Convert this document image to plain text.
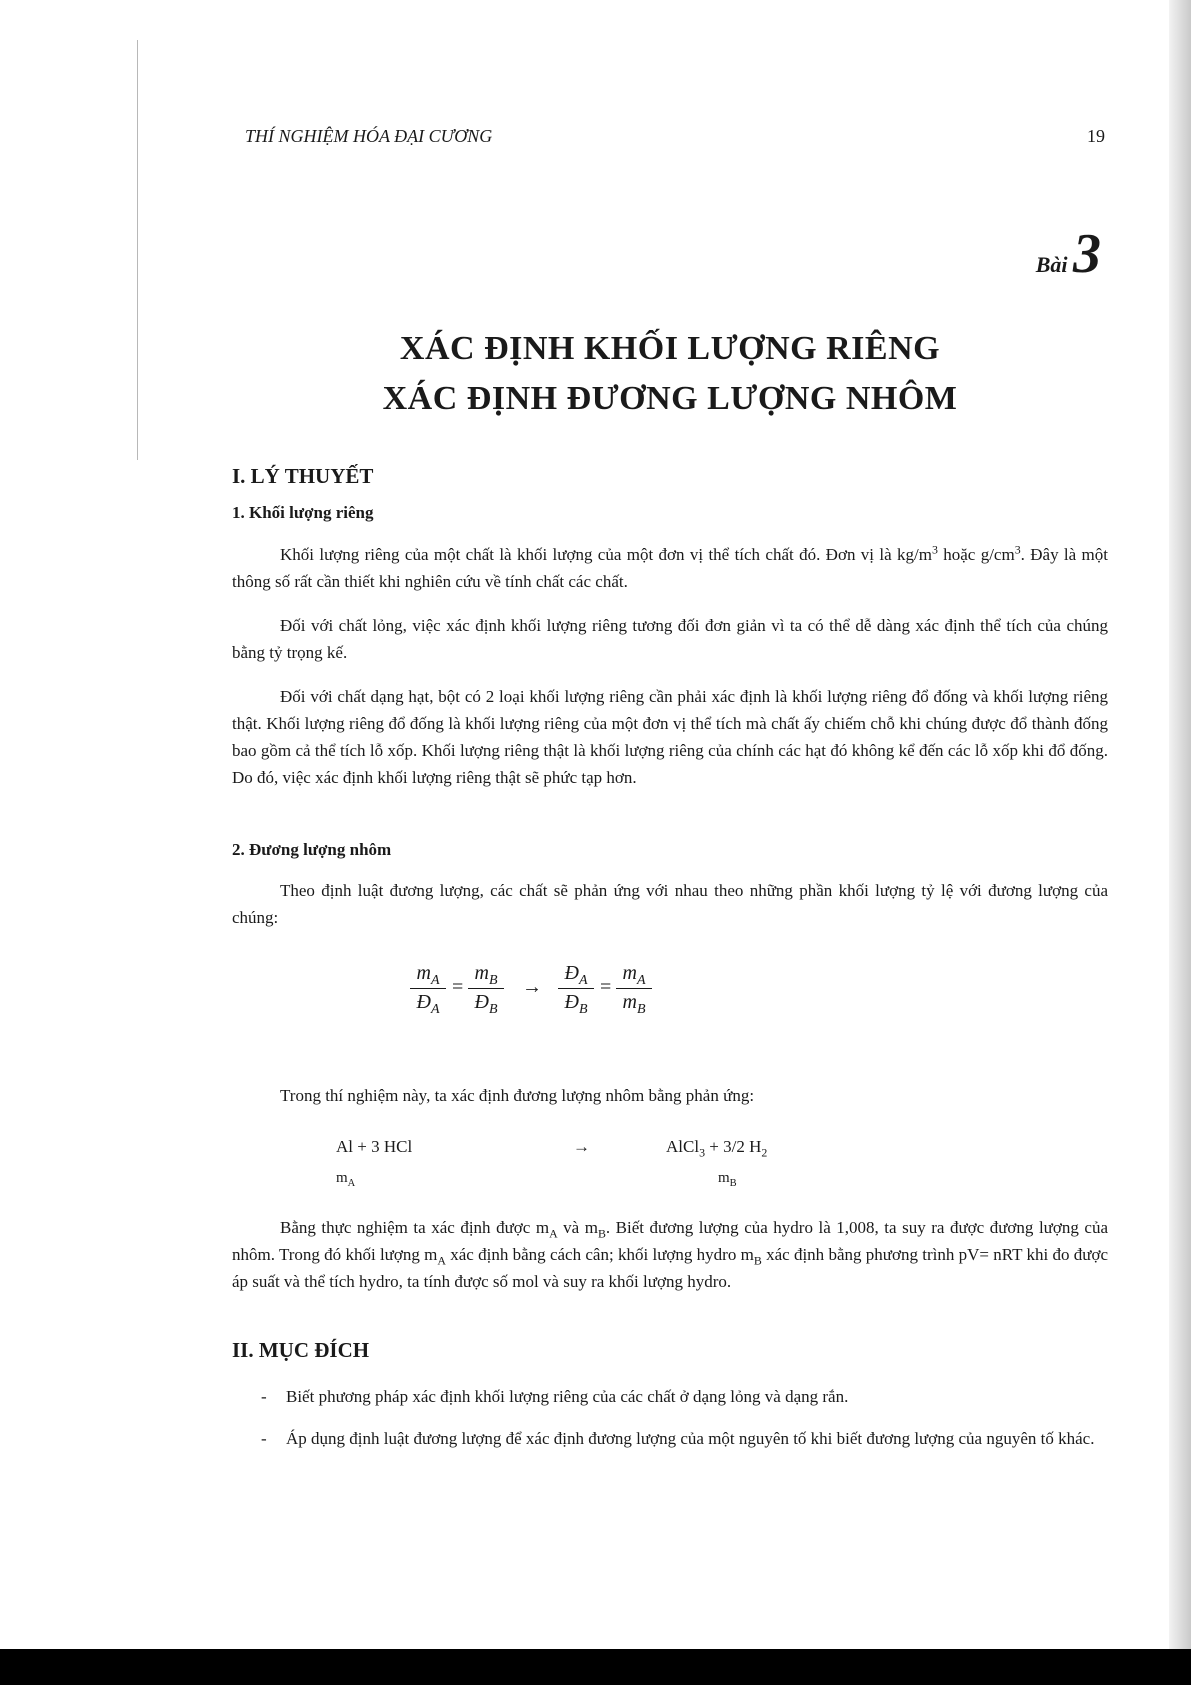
THÍ NGHIỆM HÓA ĐẠI CƯƠNG	19
Bài 3
XÁC ĐỊNH KHỐI LƯỢNG RIÊNG
XÁC ĐỊNH ĐƯƠNG LƯỢNG NHÔM
I. LÝ THUYẾT
1. Khối lượng riêng

Khối lượng riêng của một chất là khối lượng của một đơn vị thể tích chất đó. Đơn vị là $kg/m^3$ hoặc $g/cm^3$. Đây là một thông số rất cần thiết khi nghiên cứu về tính chất các chất.

Đối với chất lỏng, việc xác định khối lượng riêng tương đối đơn giản vì ta có thể dễ dàng xác định thể tích của chúng bằng tỷ trọng kế.

Đối với chất dạng hạt, bột có 2 loại khối lượng riêng cần phải xác định là khối lượng riêng đổ đống và khối lượng riêng thật. Khối lượng riêng đổ đống là khối lượng riêng của một đơn vị thể tích mà chất ấy chiếm chỗ khi chúng được đổ thành đống bao gồm cả thể tích lỗ xốp. Khối lượng riêng thật là khối lượng riêng của chính các hạt đó không kể đến các lỗ xốp khi đổ đống. Do đó, việc xác định khối lượng riêng thật sẽ phức tạp hơn.

2. Đương lượng nhôm

Theo định luật đương lượng, các chất sẽ phản ứng với nhau theo những phần khối lượng tỷ lệ với đương lượng của chúng:

$\frac{m_A}{Đ_A} = \frac{m_B}{Đ_B} \to \frac{Đ_A}{Đ_B} = \frac{m_A}{m_B}$

Trong thí nghiệm này, ta xác định đương lượng nhôm bằng phản ứng:

Al + 3 HCl	→	AlCl$_3$ + 3/2 $H_2$
$m_A$	$m_B$

Bằng thực nghiệm ta xác định được $m_A$ và $m_B$. Biết đương lượng của hydro là 1,008, ta suy ra được đương lượng của nhôm. Trong đó khối lượng $m_A$ xác định bằng cách cân; khối lượng hydro $m_B$ xác định bằng phương trình pV= nRT khi đo được áp suất và thể tích hydro, ta tính được số mol và suy ra khối lượng hydro.

II. MỤC ĐÍCH
- Biết phương pháp xác định khối lượng riêng của các chất ở dạng lỏng và dạng rắn.
- Áp dụng định luật đương lượng để xác định đương lượng của một nguyên tố khi biết đương lượng của nguyên tố khác.
